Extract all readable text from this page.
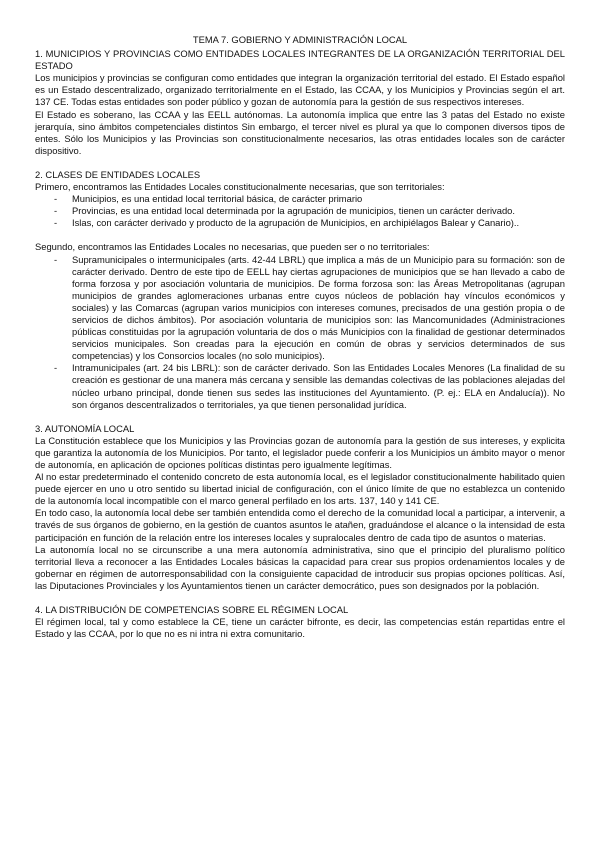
TEMA 7. GOBIERNO Y ADMINISTRACIÓN LOCAL

1. MUNICIPIOS Y PROVINCIAS COMO ENTIDADES LOCALES INTEGRANTES DE LA ORGANIZACIÓN TERRITORIAL DEL ESTADO

Los municipios y provincias se configuran como entidades que integran la organización territorial del estado. El Estado español es un Estado descentralizado, organizado territorialmente en el Estado, las CCAA, y los Municipios y Provincias según el art. 137 CE. Todas estas entidades son poder público y gozan de autonomía para la gestión de sus respectivos intereses.

El Estado es soberano, las CCAA y las EELL autónomas. La autonomía implica que entre las 3 patas del Estado no existe jerarquía, sino ámbitos competenciales distintos Sin embargo, el tercer nivel es plural ya que lo componen diversos tipos de entes. Sólo los Municipios y las Provincias son constitucionalmente necesarios, las otras entidades locales son de carácter dispositivo.

2. CLASES DE ENTIDADES LOCALES

Primero, encontramos las Entidades Locales constitucionalmente necesarias, que son territoriales:

- Municipios, es una entidad local territorial básica, de carácter primario
- Provincias, es una entidad local determinada por la agrupación de municipios, tienen un carácter derivado.
- Islas, con carácter derivado y producto de la agrupación de Municipios, en archipiélagos Balear y Canario)..

Segundo, encontramos las Entidades Locales no necesarias, que pueden ser o no territoriales:

- Supramunicipales o intermunicipales (arts. 42-44 LBRL) que implica a más de un Municipio para su formación: son de carácter derivado. Dentro de este tipo de EELL hay ciertas agrupaciones de municipios que se han llevado a cabo de forma forzosa y por asociación voluntaria de municipios. De forma forzosa son: las Áreas Metropolitanas (agrupan municipios de grandes aglomeraciones urbanas entre cuyos núcleos de población hay vínculos económicos y sociales) y las Comarcas (agrupan varios municipios con intereses comunes, precisados de una gestión propia o de servicios de dichos ámbitos). Por asociación voluntaria de municipios son: las Mancomunidades (Administraciones públicas constituidas por la agrupación voluntaria de dos o más Municipios con la finalidad de gestionar determinados servicios municipales. Son creadas para la ejecución en común de obras y servicios determinados de sus competencias) y los Consorcios locales (no solo municipios).
- Intramunicipales (art. 24 bis LBRL): son de carácter derivado. Son las Entidades Locales Menores (La finalidad de su creación es gestionar de una manera más cercana y sensible las demandas colectivas de las poblaciones alejadas del núcleo urbano principal, donde tienen sus sedes las instituciones del Ayuntamiento. (P. ej.: ELA en Andalucía)). No son órganos descentralizados o territoriales, ya que tienen personalidad jurídica.

3. AUTONOMÍA LOCAL

La Constitución establece que los Municipios y las Provincias gozan de autonomía para la gestión de sus intereses, y explicita que garantiza la autonomía de los Municipios. Por tanto, el legislador puede conferir a los Municipios un ámbito mayor o menor de autonomía, en aplicación de opciones políticas distintas pero igualmente legítimas.

Al no estar predeterminado el contenido concreto de esta autonomía local, es el legislador constitucionalmente habilitado quien puede ejercer en uno u otro sentido su libertad inicial de configuración, con el único límite de que no establezca un contenido de la autonomía local incompatible con el marco general perfilado en los arts. 137, 140 y 141 CE.

En todo caso, la autonomía local debe ser también entendida como el derecho de la comunidad local a participar, a intervenir, a través de sus órganos de gobierno, en la gestión de cuantos asuntos le atañen, graduándose el alcance o la intensidad de esta participación en función de la relación entre los intereses locales y supralocales dentro de cada tipo de asuntos o materias.

La autonomía local no se circunscribe a una mera autonomía administrativa, sino que el principio del pluralismo político territorial lleva a reconocer a las Entidades Locales básicas la capacidad para crear sus propios ordenamientos locales y de gobernar en régimen de autorresponsabilidad con la consiguiente capacidad de introducir sus propias opciones políticas. Así, las Diputaciones Provinciales y los Ayuntamientos tienen un carácter democrático, pues son designados por la población.

4. LA DISTRIBUCIÓN DE COMPETENCIAS SOBRE EL RÉGIMEN LOCAL

El régimen local, tal y como establece la CE, tiene un carácter bifronte, es decir, las competencias están repartidas entre el Estado y las CCAA, por lo que no es ni intra ni extra comunitario.
